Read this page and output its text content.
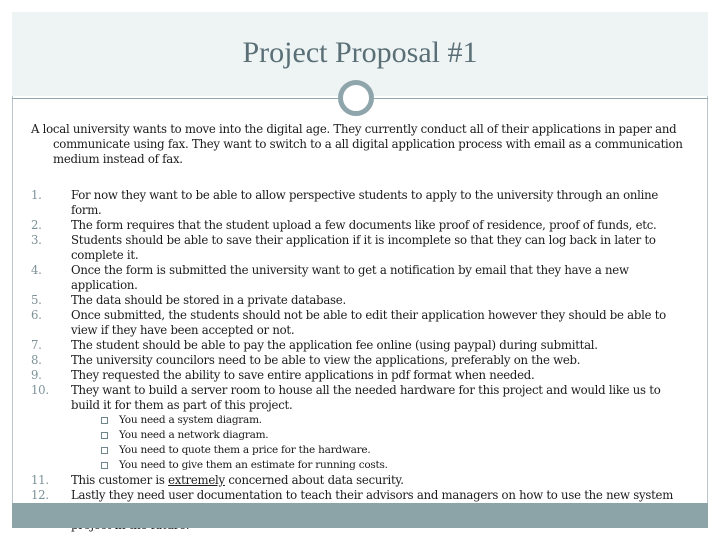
Project Proposal #1
A local university wants to move into the digital age. They currently conduct all of their applications in paper and communicate using fax. They want to switch to a all digital application process with email as a communication medium instead of fax.
1.	For now they want to be able to allow perspective students to apply to the university through an online form.
2.	The form requires that the student upload a few documents like proof of residence, proof of funds, etc.
3.	Students should be able to save their application if it is incomplete so that they can log back in later to complete it.
4.	Once the form is submitted the university want to get a notification by email that they have a new application.
5.	The data should be stored in a private database.
6.	Once submitted, the students should not be able to edit their application however they should be able to view if they have been accepted or not.
7.	The student should be able to pay the application fee online (using paypal) during submittal.
8.	The university councilors need to be able to view the applications, preferably on the web.
9.	They requested the ability to save entire applications in pdf format when needed.
10. They want to build a server room to house all the needed hardware for this project and would like us to build it for them as part of this project.
You need a system diagram.
You need a network diagram.
You need to quote them a price for the hardware.
You need to give them an estimate for running costs.
11. This customer is extremely concerned about data security.
12. Lastly they need user documentation to teach their advisors and managers on how to use the new system
